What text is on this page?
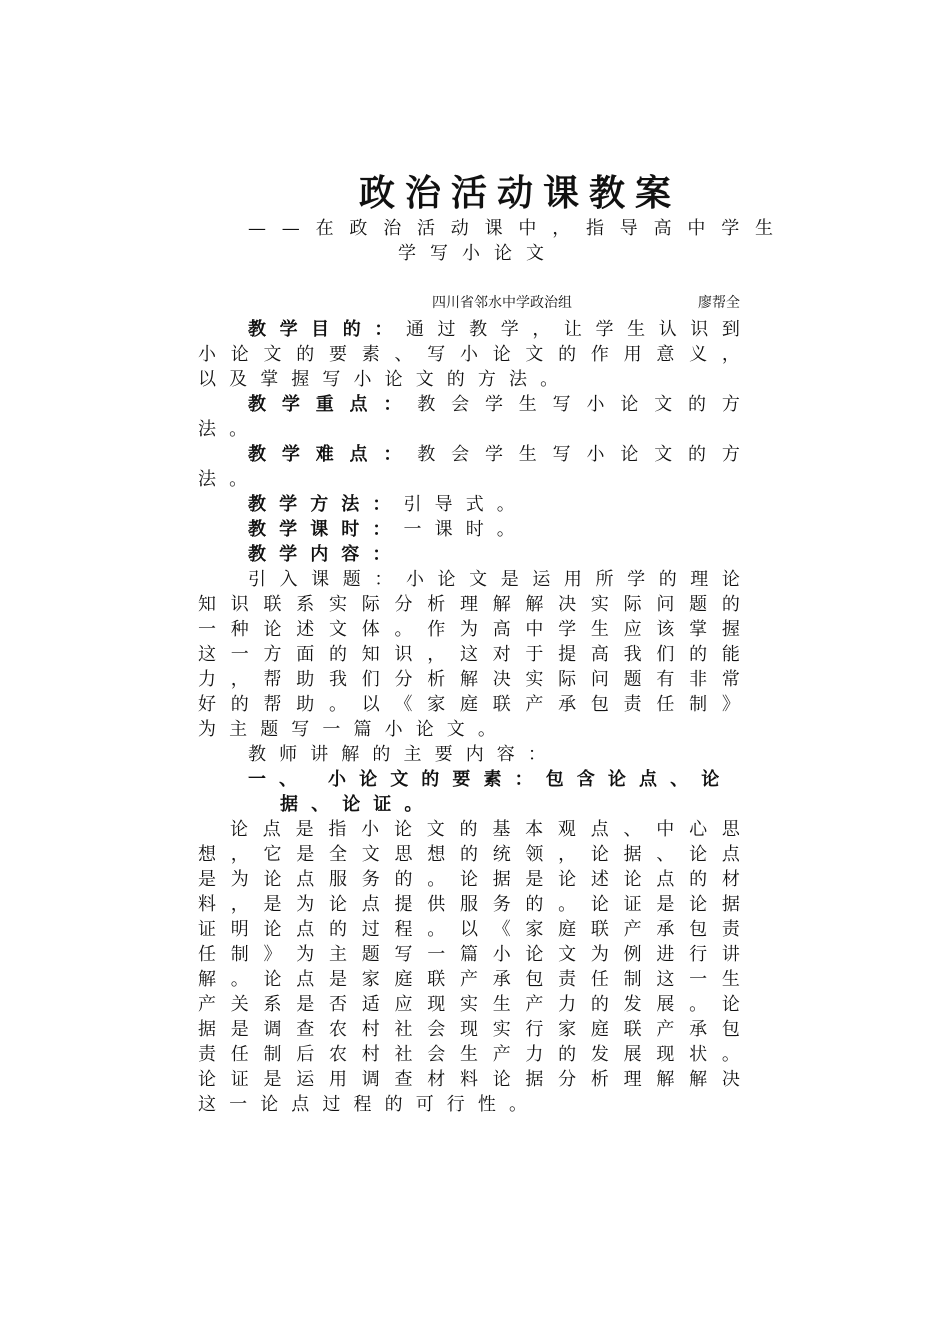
政治活动课教案
——在政治活动课中，指导高中学生
学写小论文
四川省邻水中学政治组	廖帮全

教学目的：通过教学，让学生认识到小论文的要素、写小论文的作用意义，以及掌握写小论文的方法。

教学重点：教会学生写小论文的方法。

教学难点：教会学生写小论文的方法。

教学方法：引导式。

教学课时：一课时。

教学内容：

引入课题：小论文是运用所学的理论知识联系实际分析理解解决实际问题的一种论述文体。作为高中学生应该掌握这一方面的知识，这对于提高我们的能力，帮助我们分析解决实际问题有非常好的帮助。以《家庭联产承包责任制》为主题写一篇小论文。

教师讲解的主要内容：

一、 小论文的要素：包含论点、论
据、论证。

论点是指小论文的基本观点、中心思想，它是全文思想的统领，论据、论点是为论点服务的。论据是论述论点的材料，是为论点提供服务的。论证是论据证明论点的过程。以《家庭联产承包责任制》为主题写一篇小论文为例进行讲解。论点是家庭联产承包责任制这一生产关系是否适应现实生产力的发展。论据是调查农村社会现实行家庭联产承包责任制后农村社会生产力的发展现状。论证是运用调查材料论据分析理解解决这一论点过程的可行性。
